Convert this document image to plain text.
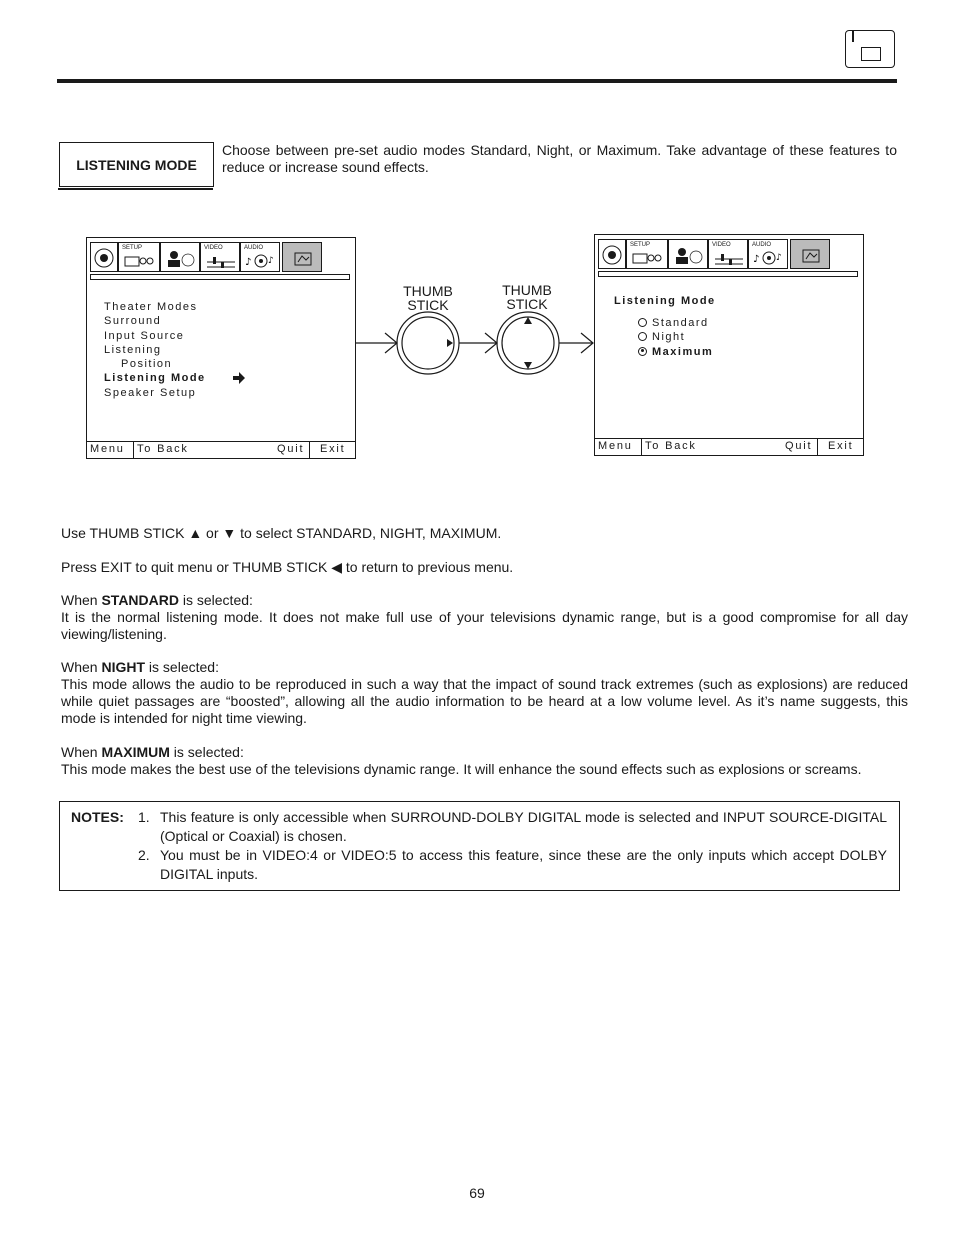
LISTENING MODE

Choose between pre-set audio modes Standard, Night, or Maximum. Take advantage of these features to reduce or increase sound effects.

SETUP	VIDEO	AUDIO
♪ ♪
Theater Modes
Surround
Input Source
Listening
Position
Listening Mode
Speaker Setup
Menu To Back	Quit Exit
THUMB
STICK
THUMB
STICK
SETUP	VIDEO	AUDIO
♪ ♪
Listening Mode
Standard
Night
Maximum
Menu To Back	Quit Exit

Use THUMB STICK ▲ or ▼ to select STANDARD, NIGHT, MAXIMUM.

Press EXIT to quit menu or THUMB STICK ◀ to return to previous menu.

When STANDARD is selected:
It is the normal listening mode. It does not make full use of your televisions dynamic range, but is a good compromise for all day viewing/listening.
When NIGHT is selected:
This mode allows the audio to be reproduced in such a way that the impact of sound track extremes (such as explosions) are reduced while quiet passages are “boosted”, allowing all the audio information to be heard at a low volume level. As it’s name suggests, this mode is intended for night time viewing.
When MAXIMUM is selected:
This mode makes the best use of the televisions dynamic range. It will enhance the sound effects such as explosions or screams.
NOTES: 1. This feature is only accessible when SURROUND-DOLBY DIGITAL mode is selected and INPUT SOURCE-DIGITAL (Optical or Coaxial) is chosen.
2. You must be in VIDEO:4 or VIDEO:5 to access this feature, since these are the only inputs which accept DOLBY DIGITAL inputs.
69
